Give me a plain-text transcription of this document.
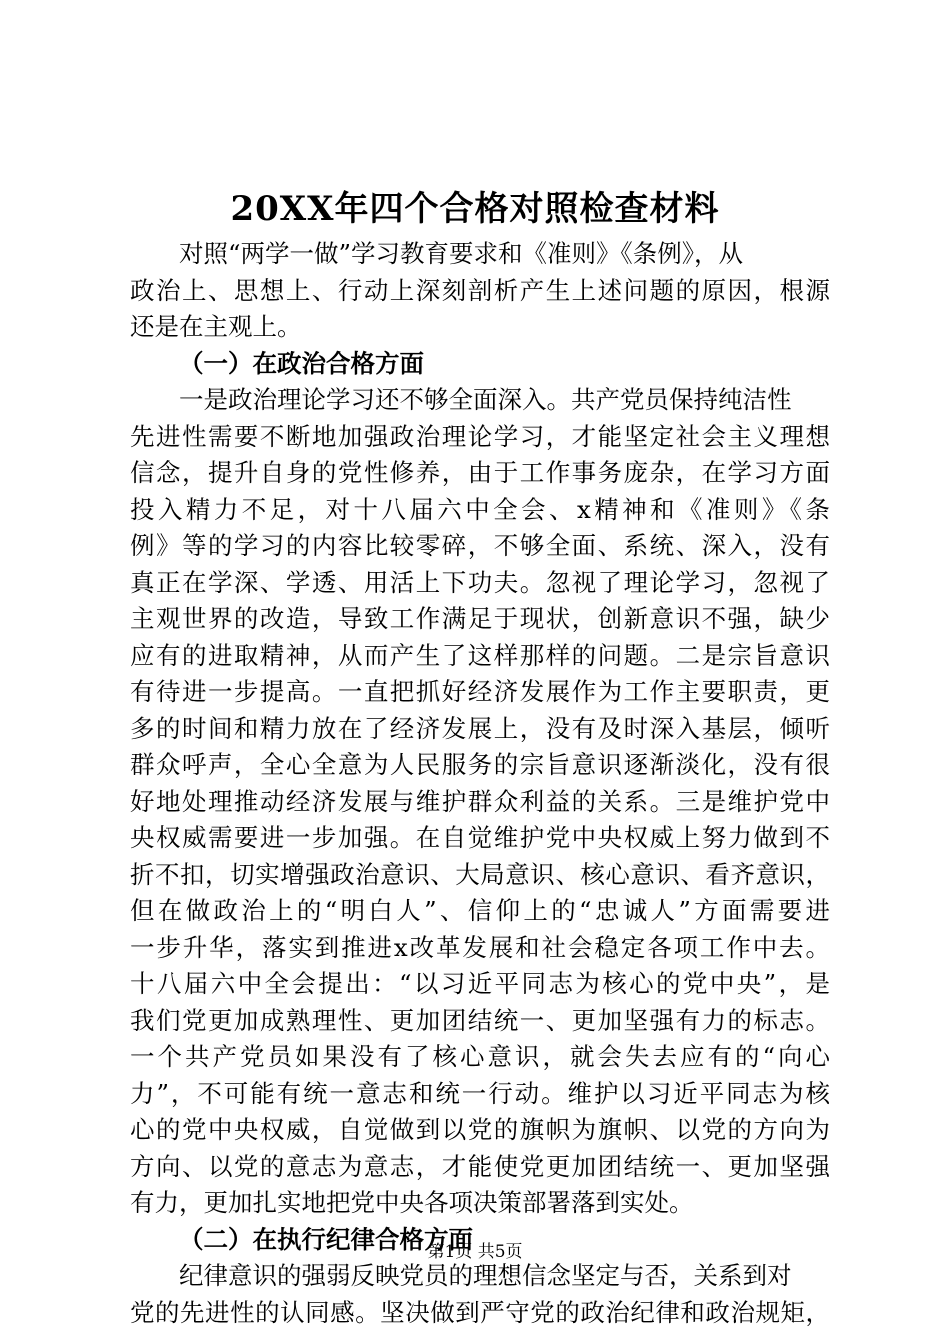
20XX年四个合格对照检查材料
对照“两学一做”学习教育要求和《准则》《条例》，从
政治上、思想上、行动上深刻剖析产生上述问题的原因，根源
还是在主观上。
（一）在政治合格方面
一是政治理论学习还不够全面深入。共产党员保持纯洁性
先进性需要不断地加强政治理论学习，才能坚定社会主义理想
信念，提升自身的党性修养，由于工作事务庞杂，在学习方面
投入精力不足，对十八届六中全会、x精神和《准则》《条
例》等的学习的内容比较零碎，不够全面、系统、深入，没有
真正在学深、学透、用活上下功夫。忽视了理论学习，忽视了
主观世界的改造，导致工作满足于现状，创新意识不强，缺少
应有的进取精神，从而产生了这样那样的问题。二是宗旨意识
有待进一步提高。一直把抓好经济发展作为工作主要职责，更
多的时间和精力放在了经济发展上，没有及时深入基层，倾听
群众呼声，全心全意为人民服务的宗旨意识逐渐淡化，没有很
好地处理推动经济发展与维护群众利益的关系。三是维护党中
央权威需要进一步加强。在自觉维护党中央权威上努力做到不
折不扣，切实增强政治意识、大局意识、核心意识、看齐意识，
但在做政治上的“明白人”、信仰上的“忠诚人”方面需要进
一步升华，落实到推进x改革发展和社会稳定各项工作中去。
十八届六中全会提出：“以习近平同志为核心的党中央”，是
我们党更加成熟理性、更加团结统一、更加坚强有力的标志。
一个共产党员如果没有了核心意识，就会失去应有的“向心
力”，不可能有统一意志和统一行动。维护以习近平同志为核
心的党中央权威，自觉做到以党的旗帜为旗帜、以党的方向为
方向、以党的意志为意志，才能使党更加团结统一、更加坚强
有力，更加扎实地把党中央各项决策部署落到实处。
（二）在执行纪律合格方面
纪律意识的强弱反映党员的理想信念坚定与否，关系到对
党的先进性的认同感。坚决做到严守党的政治纪律和政治规矩，
第1页 共5页
